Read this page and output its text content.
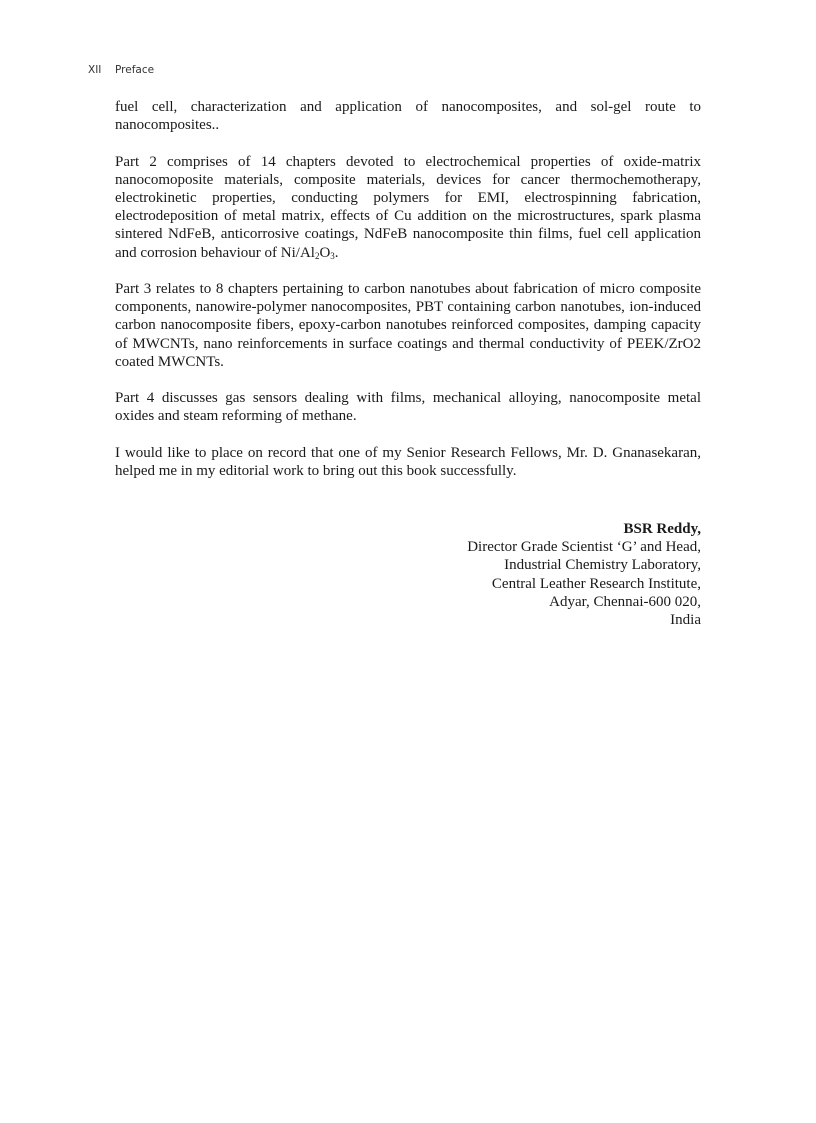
XII Preface

fuel cell, characterization and application of nanocomposites, and sol-gel route to nanocomposites..

Part 2 comprises of 14 chapters devoted to electrochemical properties of oxide-matrix nanocomoposite materials, composite materials, devices for cancer thermochemotherapy, electrokinetic properties, conducting polymers for EMI, electrospinning fabrication, electrodeposition of metal matrix, effects of Cu addition on the microstructures, spark plasma sintered NdFeB, anticorrosive coatings, NdFeB nanocomposite thin films, fuel cell application and corrosion behaviour of $Ni/Al_2O_3$.

Part 3 relates to 8 chapters pertaining to carbon nanotubes about fabrication of micro composite components, nanowire-polymer nanocomposites, PBT containing carbon nanotubes, ion-induced carbon nanocomposite fibers, epoxy-carbon nanotubes reinforced composites, damping capacity of MWCNTs, nano reinforcements in surface coatings and thermal conductivity of PEEK/ZrO2 coated MWCNTs.

Part 4 discusses gas sensors dealing with films, mechanical alloying, nanocomposite metal oxides and steam reforming of methane.

I would like to place on record that one of my Senior Research Fellows, Mr. D. Gnanasekaran, helped me in my editorial work to bring out this book successfully.

BSR Reddy,
Director Grade Scientist ‘G’ and Head,
Industrial Chemistry Laboratory,
Central Leather Research Institute,
Adyar, Chennai-600 020,
India
